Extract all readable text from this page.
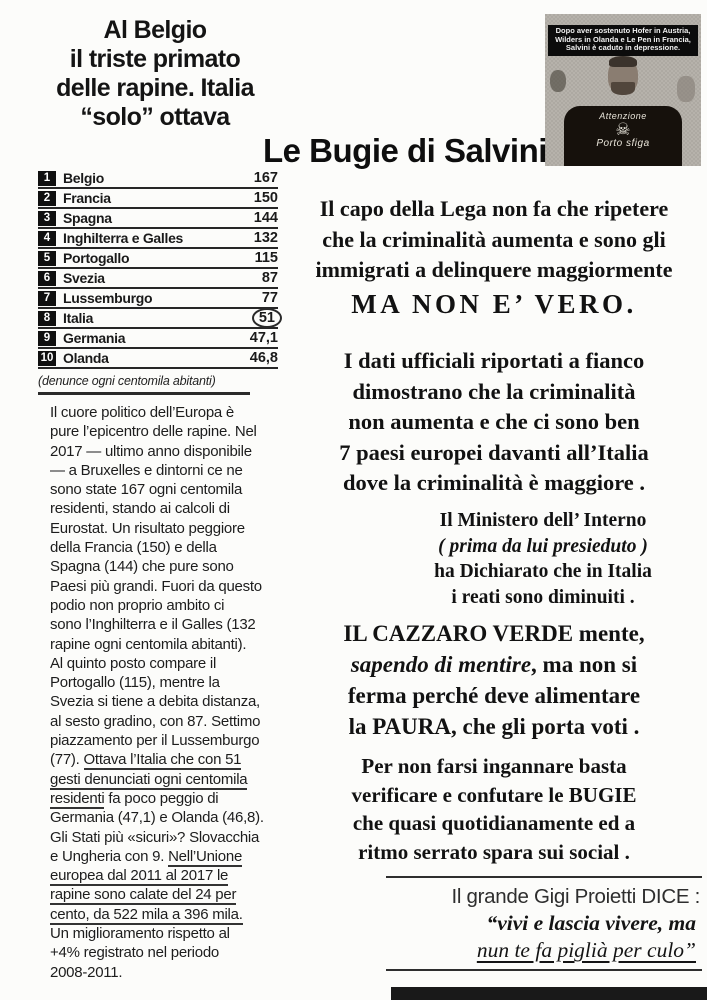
Al Belgio
il triste primato
delle rapine. Italia
“solo” ottava
1 Belgio	167
2 Francia	150
3 Spagna	144
4 Inghilterra e Galles	132
5 Portogallo	115
6 Svezia	87
7 Lussemburgo	77
8 Italia	51
9 Germania	47,1
10 Olanda	46,8
(denunce ogni centomila abitanti)
Il cuore politico dell’Europa è
pure l’epicentro delle rapine. Nel
2017 — ultimo anno disponibile
— a Bruxelles e dintorni ce ne
sono state 167 ogni centomila
residenti, stando ai calcoli di
Eurostat. Un risultato peggiore
della Francia (150) e della
Spagna (144) che pure sono
Paesi più grandi. Fuori da questo
podio non proprio ambito ci
sono l’Inghilterra e il Galles (132
rapine ogni centomila abitanti).
Al quinto posto compare il
Portogallo (115), mentre la
Svezia si tiene a debita distanza,
al sesto gradino, con 87. Settimo
piazzamento per il Lussemburgo
(77). Ottava l’Italia che con 51
gesti denunciati ogni centomila
residenti fa poco peggio di
Germania (47,1) e Olanda (46,8).
Gli Stati più «sicuri»? Slovacchia
e Ungheria con 9. Nell’Unione
europea dal 2011 al 2017 le
rapine sono calate del 24 per
cento, da 522 mila a 396 mila.
Un miglioramento rispetto al
+4% registrato nel periodo
2008-2011.
Attenzione
☠
Porto sfiga
Dopo aver sostenuto Hofer in Austria,
Wilders in Olanda e Le Pen in Francia,
Salvini è caduto in depressione.
Le Bugie di Salvini
Il capo della Lega non fa che ripetere
che la criminalità aumenta e sono gli
immigrati a delinquere maggiormente
MA NON E’ VERO.
I dati ufficiali riportati a fianco
dimostrano che la criminalità
non aumenta e che ci sono ben
7 paesi europei davanti all’Italia
dove la criminalità è maggiore .
Il Ministero dell’ Interno
( prima da lui presieduto )
ha Dichiarato che in Italia
i reati sono diminuiti .
IL CAZZARO VERDE mente,
sapendo di mentire, ma non si
ferma perché deve alimentare
la PAURA, che gli porta voti .
Per non farsi ingannare basta
verificare e confutare le BUGIE
che quasi quotidianamente ed a
ritmo serrato spara sui social .
Il grande Gigi Proietti DICE :
“vivi e lascia vivere, ma
nun te fa piglià per culo”
